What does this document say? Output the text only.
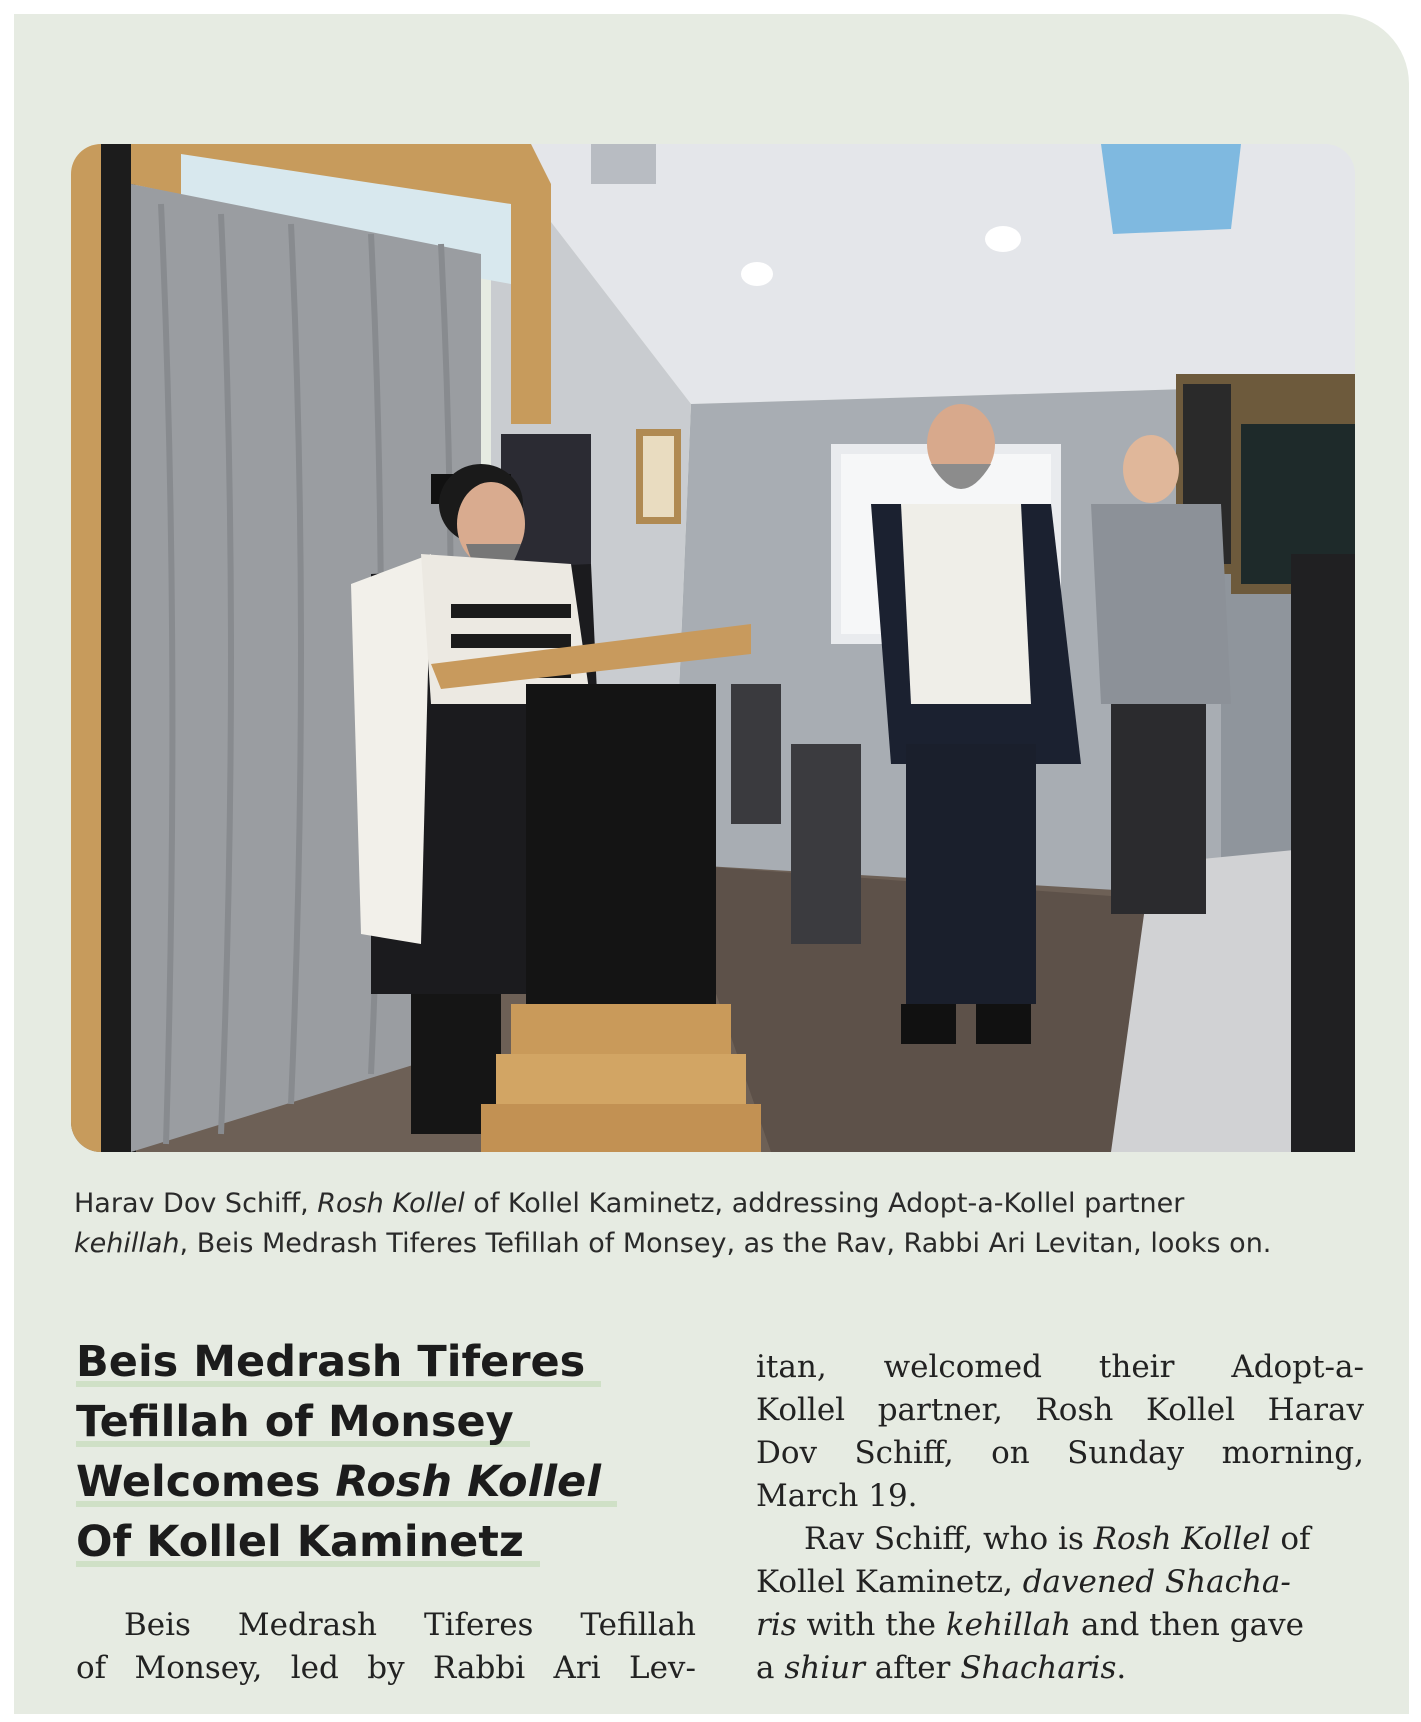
Harav Dov Schiff, Rosh Kollel of Kollel Kaminetz, addressing Adopt-a-Kollel partner
kehillah, Beis Medrash Tiferes Tefillah of Monsey, as the Rav, Rabbi Ari Levitan, looks on.
Beis Medrash Tiferes
Tefillah of Monsey
Welcomes Rosh Kollel
Of Kollel Kaminetz
Beis Medrash Tiferes Tefillah
of Monsey, led by Rabbi Ari Lev-
itan, welcomed their Adopt-a-
Kollel partner, Rosh Kollel Harav
Dov Schiff, on Sunday morning,
March 19.
Rav Schiff, who is Rosh Kollel of
Kollel Kaminetz, davened Shacha-
ris with the kehillah and then gave
a shiur after Shacharis.
